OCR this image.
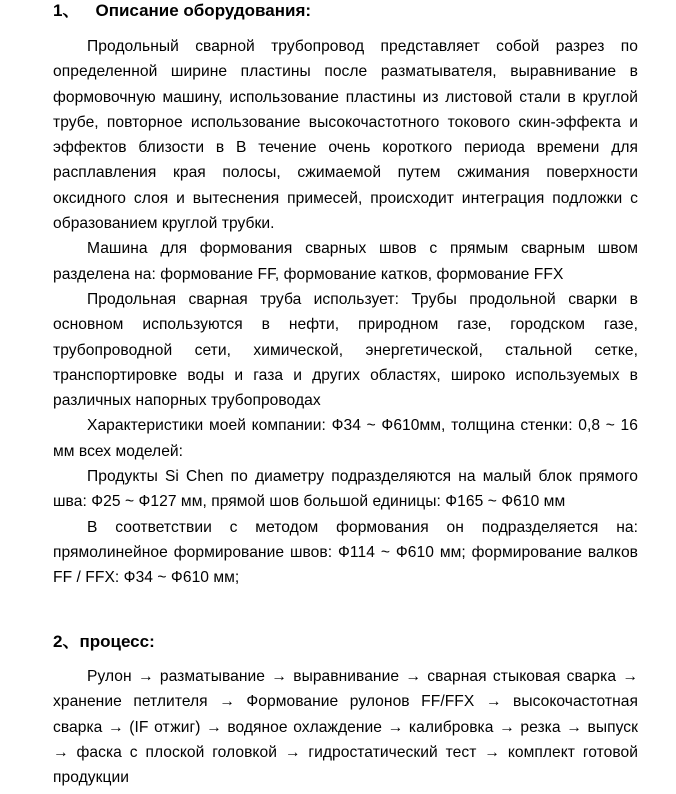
1、 Описание оборудования:

Продольный сварной трубопровод представляет собой разрез по определенной ширине пластины после разматывателя, выравнивание в формовочную машину, использование пластины из листовой стали в круглой трубе, повторное использование высокочастотного токового скин-эффекта и эффектов близости в В течение очень короткого периода времени для расплавления края полосы, сжимаемой путем сжимания поверхности оксидного слоя и вытеснения примесей, происходит интеграция подложки с образованием круглой трубки.

Машина для формования сварных швов с прямым сварным швом разделена на: формование FF, формование катков, формование FFX

Продольная сварная труба использует: Трубы продольной сварки в основном используются в нефти, природном газе, городском газе, трубопроводной сети, химической, энергетической, стальной сетке, транспортировке воды и газа и других областях, широко используемых в различных напорных трубопроводах

Характеристики моей компании: Ф34 ~ Ф610мм, толщина стенки: 0,8 ~ 16 мм всех моделей:

Продукты Si Chen по диаметру подразделяются на малый блок прямого шва: Ф25 ~ Ф127 мм, прямой шов большой единицы: Ф165 ~ Ф610 мм

В соответствии с методом формования он подразделяется на: прямолинейное формирование швов: Ф114 ~ Ф610 мм; формирование валков FF / FFX: Ф34 ~ Ф610 мм;

2、процесс:

Рулон → разматывание → выравнивание → сварная стыковая сварка → хранение петлителя → Формование рулонов FF/FFX → высокочастотная сварка → (IF отжиг) → водяное охлаждение → калибровка → резка → выпуск → фаска с плоской головкой → гидростатический тест → комплект готовой продукции
